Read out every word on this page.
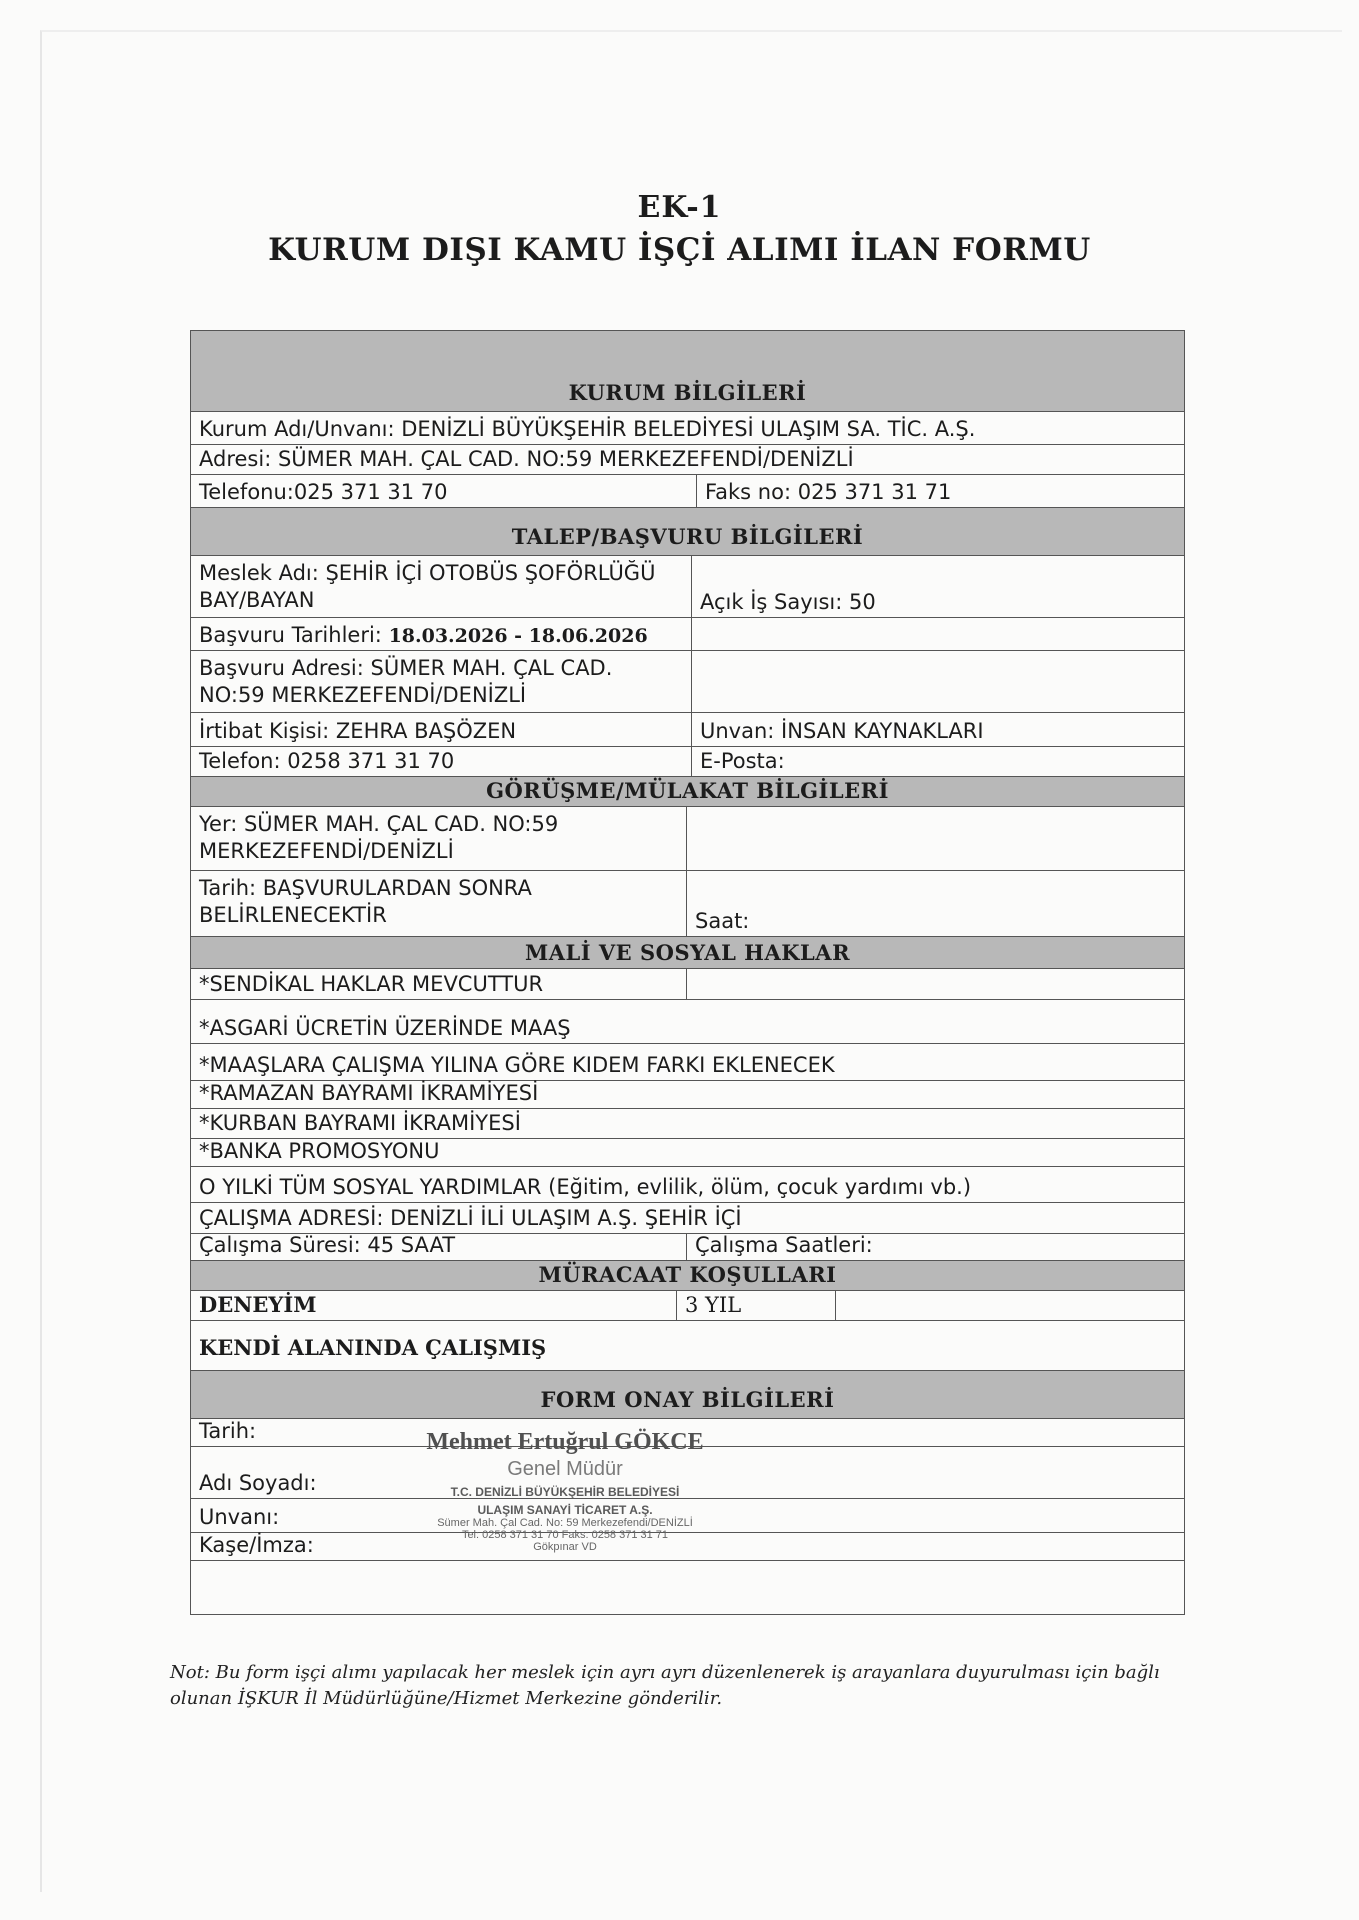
EK-1
KURUM DIŞI KAMU İŞÇİ ALIMI İLAN FORMU
KURUM BİLGİLERİ
Kurum Adı/Unvanı: DENİZLİ BÜYÜKŞEHİR BELEDİYESİ ULAŞIM SA. TİC. A.Ş.
Adresi: SÜMER MAH. ÇAL CAD. NO:59 MERKEZEFENDİ/DENİZLİ
Telefonu:025 371 31 70	Faks no: 025 371 31 71
TALEP/BAŞVURU BİLGİLERİ
Meslek Adı: ŞEHİR İÇİ OTOBÜS ŞOFÖRLÜĞÜ BAY/BAYAN	Açık İş Sayısı: 50
Başvuru Tarihleri: 18.03.2026 - 18.06.2026
Başvuru Adresi: SÜMER MAH. ÇAL CAD. NO:59 MERKEZEFENDİ/DENİZLİ
İrtibat Kişisi: ZEHRA BAŞÖZEN	Unvan: İNSAN KAYNAKLARI
Telefon: 0258 371 31 70	E-Posta:
GÖRÜŞME/MÜLAKAT BİLGİLERİ
Yer: SÜMER MAH. ÇAL CAD. NO:59 MERKEZEFENDİ/DENİZLİ
Tarih: BAŞVURULARDAN SONRA BELİRLENECEKTİR	Saat:
MALİ VE SOSYAL HAKLAR
*SENDİKAL HAKLAR MEVCUTTUR
*ASGARİ ÜCRETİN ÜZERİNDE MAAŞ
*MAAŞLARA ÇALIŞMA YILINA GÖRE KIDEM FARKI EKLENECEK
*RAMAZAN BAYRAMI İKRAMİYESİ
*KURBAN BAYRAMI İKRAMİYESİ
*BANKA PROMOSYONU
O YILKİ TÜM SOSYAL YARDIMLAR (Eğitim, evlilik, ölüm, çocuk yardımı vb.)
ÇALIŞMA ADRESİ: DENİZLİ İLİ ULAŞIM A.Ş. ŞEHİR İÇİ
Çalışma Süresi: 45 SAAT	Çalışma Saatleri:
MÜRACAAT KOŞULLARI
DENEYİM	3 YIL
KENDİ ALANINDA ÇALIŞMIŞ
FORM ONAY BİLGİLERİ
Tarih:
Adı Soyadı:
Unvanı:
Kaşe/İmza:
Mehmet Ertuğrul GÖKCE
Genel Müdür
T.C. DENİZLİ BÜYÜKŞEHİR BELEDİYESİ
ULAŞIM SANAYİ TİCARET A.Ş.
Sümer Mah. Çal Cad. No: 59 Merkezefendi/DENİZLİ
Tel: 0258 371 31 70 Faks: 0258 371 31 71
Gökpınar VD
Not: Bu form işçi alımı yapılacak her meslek için ayrı ayrı düzenlenerek iş arayanlara duyurulması için bağlı olunan İŞKUR İl Müdürlüğüne/Hizmet Merkezine gönderilir.
